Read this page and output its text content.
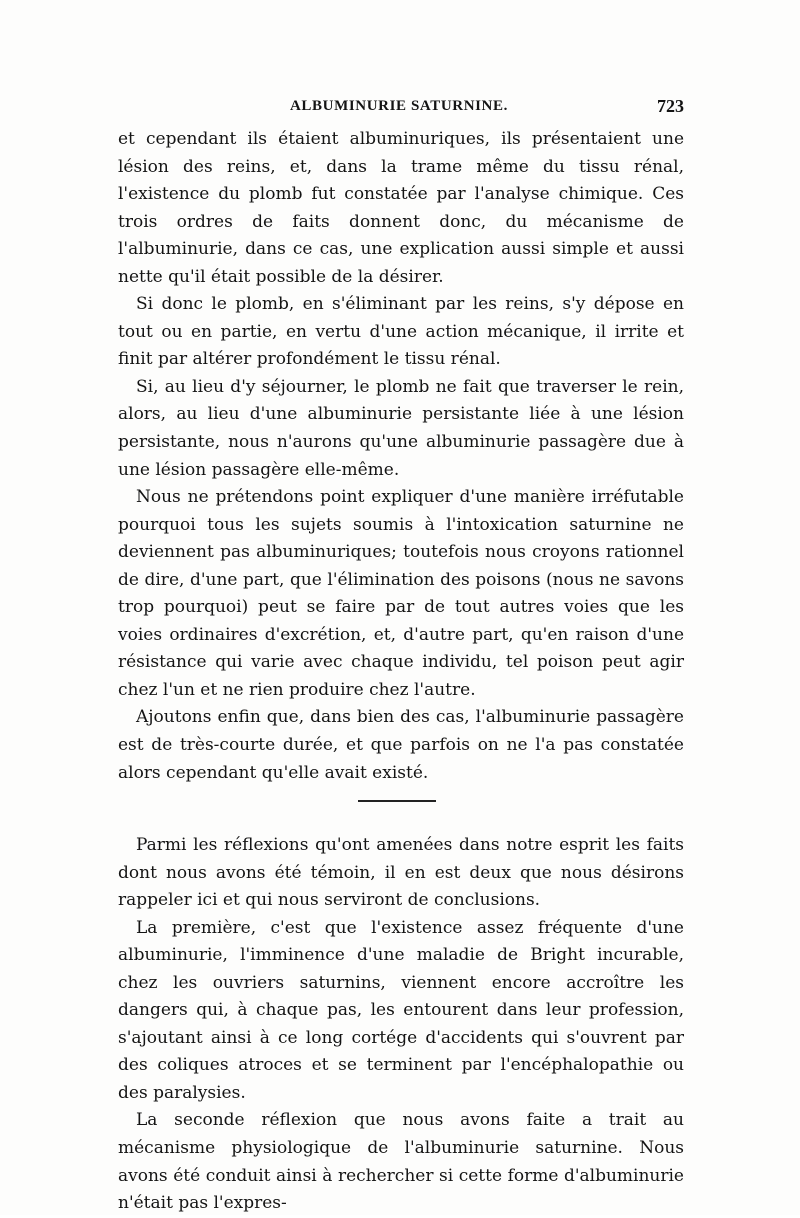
ALBUMINURIE SATURNINE.	723

et cependant ils étaient albuminuriques, ils présentaient une lésion des reins, et, dans la trame même du tissu rénal, l'existence du plomb fut constatée par l'analyse chimique. Ces trois ordres de faits donnent donc, du mécanisme de l'albuminurie, dans ce cas, une explication aussi simple et aussi nette qu'il était possible de la désirer.

Si donc le plomb, en s'éliminant par les reins, s'y dépose en tout ou en partie, en vertu d'une action mécanique, il irrite et finit par altérer profondément le tissu rénal.

Si, au lieu d'y séjourner, le plomb ne fait que traverser le rein, alors, au lieu d'une albuminurie persistante liée à une lésion persistante, nous n'aurons qu'une albuminurie passagère due à une lésion passagère elle-même.

Nous ne prétendons point expliquer d'une manière irréfutable pourquoi tous les sujets soumis à l'intoxication saturnine ne deviennent pas albuminuriques; toutefois nous croyons rationnel de dire, d'une part, que l'élimination des poisons (nous ne savons trop pourquoi) peut se faire par de tout autres voies que les voies ordinaires d'excrétion, et, d'autre part, qu'en raison d'une résistance qui varie avec chaque individu, tel poison peut agir chez l'un et ne rien produire chez l'autre.

Ajoutons enfin que, dans bien des cas, l'albuminurie passagère est de très-courte durée, et que parfois on ne l'a pas constatée alors cependant qu'elle avait existé.

Parmi les réflexions qu'ont amenées dans notre esprit les faits dont nous avons été témoin, il en est deux que nous désirons rappeler ici et qui nous serviront de conclusions.

La première, c'est que l'existence assez fréquente d'une albuminurie, l'imminence d'une maladie de Bright incurable, chez les ouvriers saturnins, viennent encore accroître les dangers qui, à chaque pas, les entourent dans leur profession, s'ajoutant ainsi à ce long cortége d'accidents qui s'ouvrent par des coliques atroces et se terminent par l'encéphalopathie ou des paralysies.

La seconde réflexion que nous avons faite a trait au mécanisme physiologique de l'albuminurie saturnine. Nous avons été conduit ainsi à rechercher si cette forme d'albuminurie n'était pas l'expres-
